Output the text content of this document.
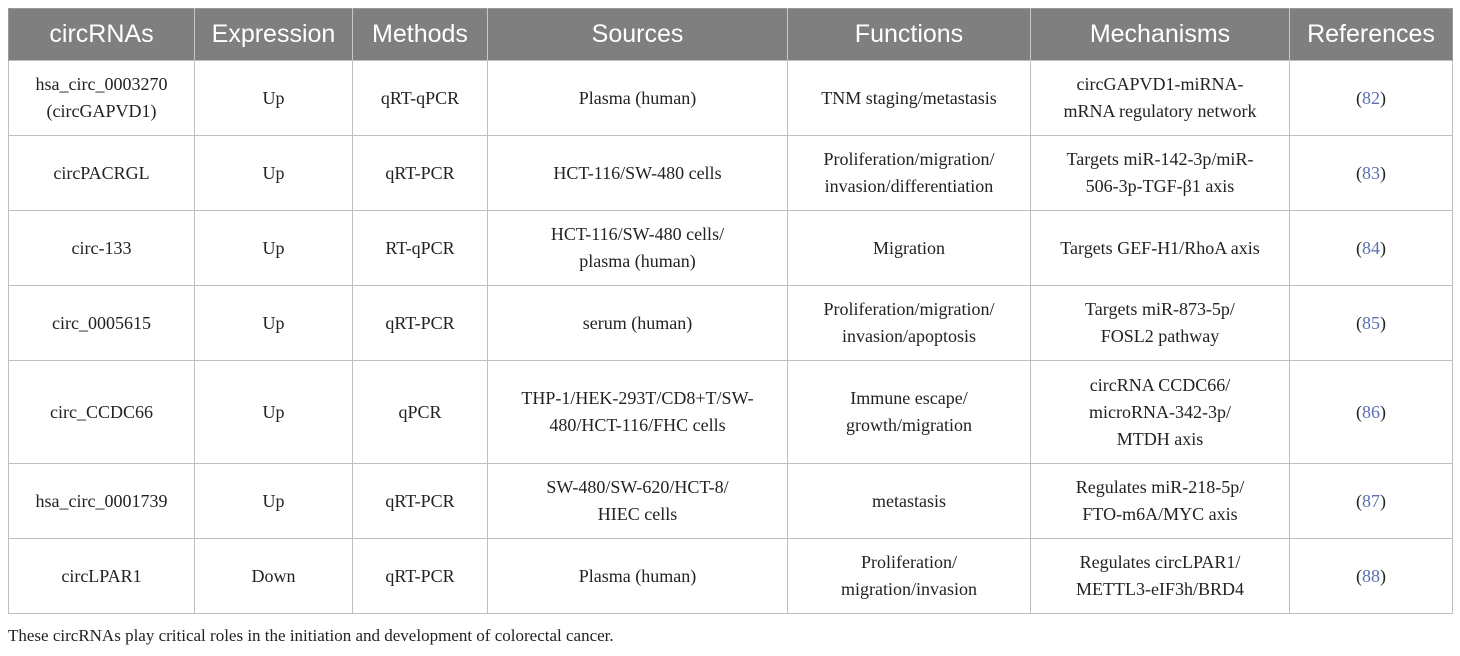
circRNAs	Expression	Methods	Sources	Functions	Mechanisms	References

hsa_circ_0003270
(circGAPVD1)	Up	qRT-qPCR	Plasma (human)	TNM staging/metastasis	circGAPVD1-miRNA-
mRNA regulatory network	(82)

circPACRGL	Up	qRT-PCR	HCT-116/SW-480 cells	Proliferation/migration/
invasion/differentiation	Targets miR-142-3p/miR-
506-3p-TGF-β1 axis	(83)

circ-133	Up	RT-qPCR	HCT-116/SW-480 cells/
plasma (human)	Migration	Targets GEF-H1/RhoA axis	(84)

circ_0005615	Up	qRT-PCR	serum (human)	Proliferation/migration/
invasion/apoptosis	Targets miR-873-5p/
FOSL2 pathway	(85)

circ_CCDC66	Up	qPCR	THP-1/HEK-293T/CD8+T/SW-
480/HCT-116/FHC cells	Immune escape/
growth/migration	circRNA CCDC66/
microRNA-342-3p/
MTDH axis	(86)

hsa_circ_0001739	Up	qRT-PCR	SW-480/SW-620/HCT-8/
HIEC cells	metastasis	Regulates miR-218-5p/
FTO-m6A/MYC axis	(87)

circLPAR1	Down	qRT-PCR	Plasma (human)	Proliferation/
migration/invasion	Regulates circLPAR1/
METTL3-eIF3h/BRD4	(88)
These circRNAs play critical roles in the initiation and development of colorectal cancer.
